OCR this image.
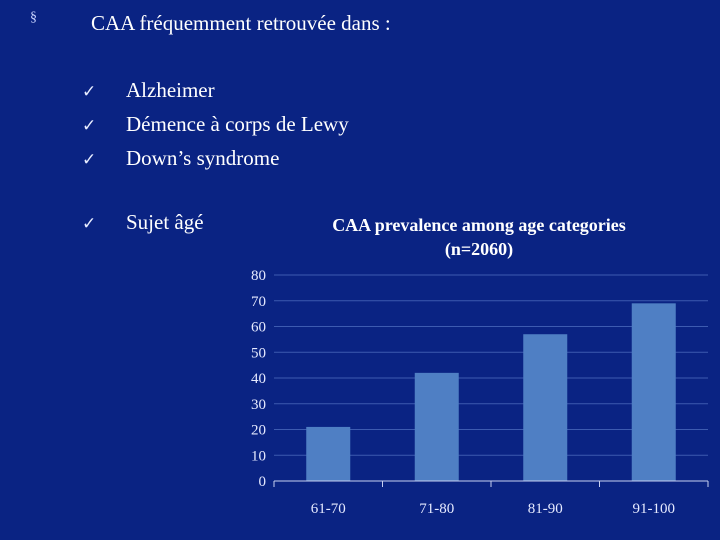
§	CAA fréquemment retrouvée dans :
✓ Alzheimer
✓ Démence à corps de Lewy
✓ Down’s syndrome
✓ Sujet âgé	CAA prevalence among age categories
(n=2060)
0
10
20
30
40
50
60
70
80
61-70	71-80	81-90	91-100
